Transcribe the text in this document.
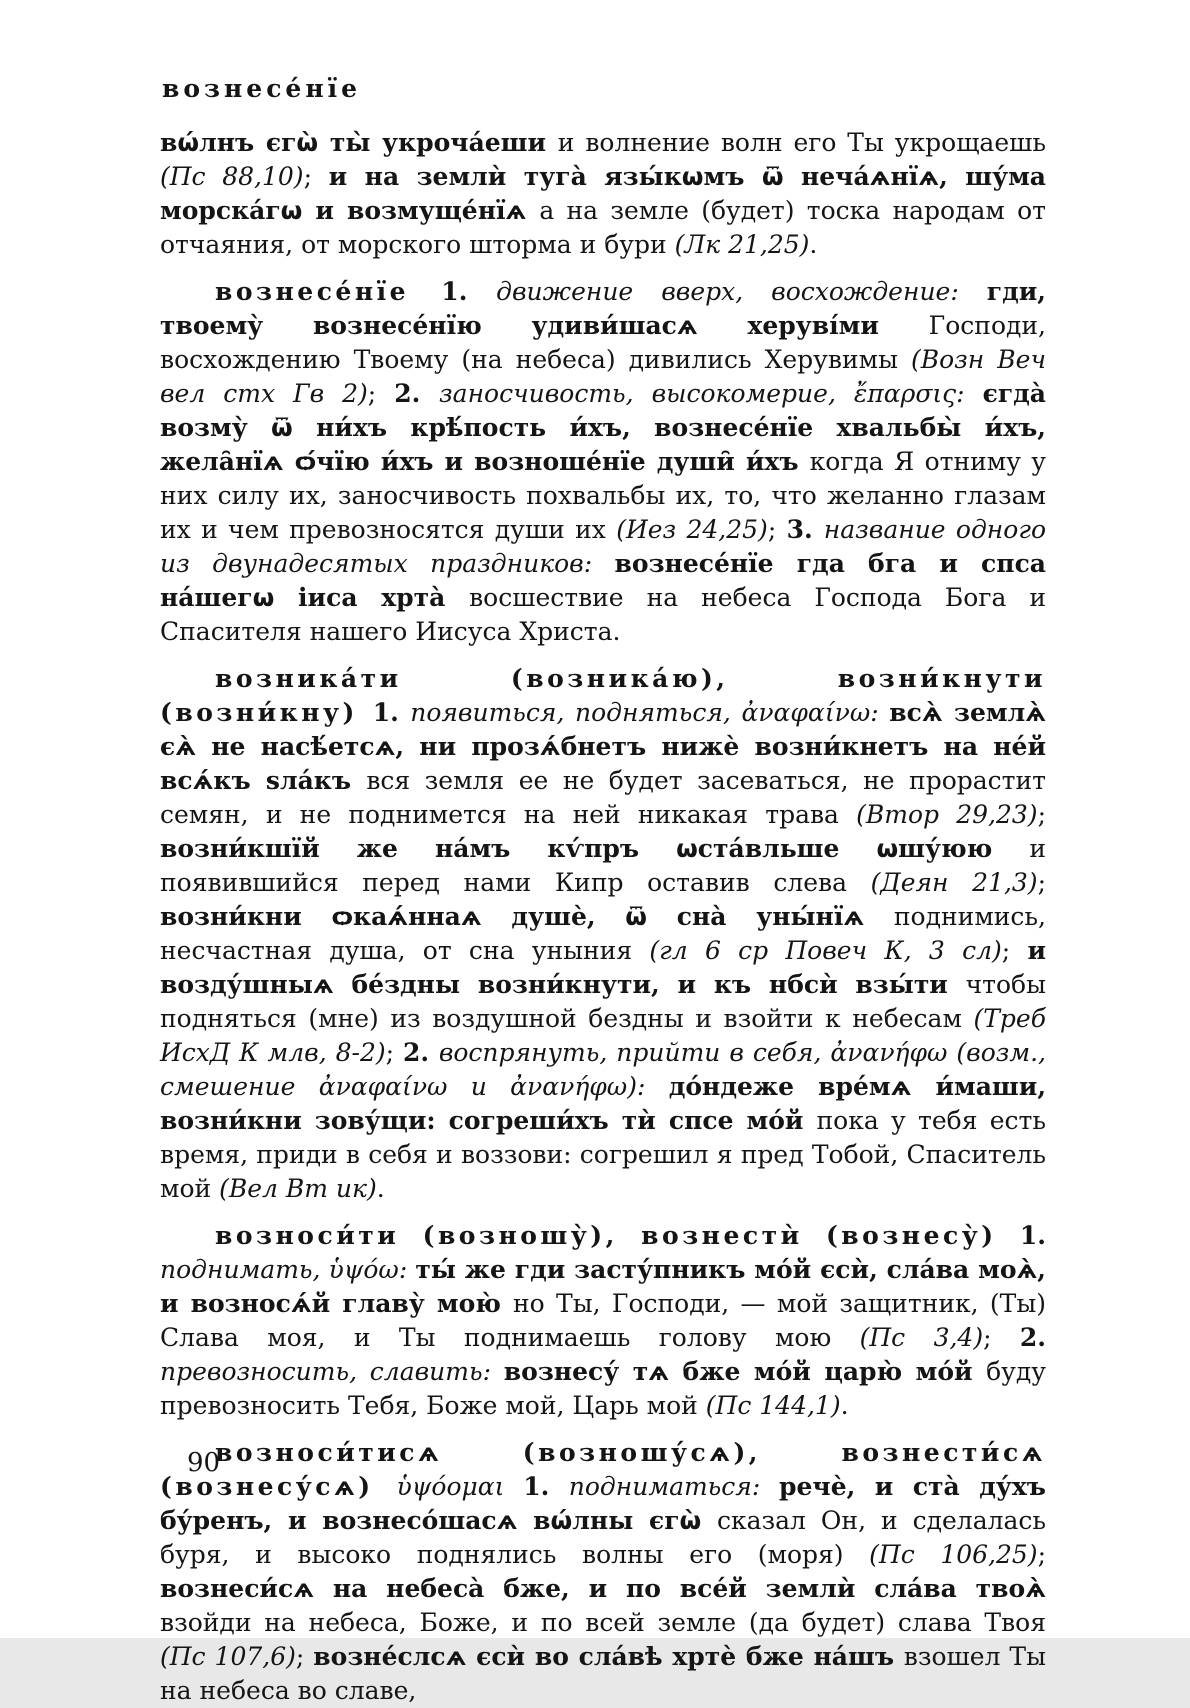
вознесе́нїе

вѡ́лнъ єгѡ̀ ты̀ укроча́еши и волнение волн его Ты укрощаешь (Пс 88,10); и на землѝ туга̀ язы́кѡмъ ѿ неча́ѧнїѧ, шу́ма морска́гѡ и возмуще́нїѧ а на земле (будет) тоска народам от отчаяния, от морского шторма и бури (Лк 21,25).

вознесе́нїе 1. движение вверх, восхождение: гди, твоему̀ вознесе́нїю удиви́шасѧ херуві́ми Господи, восхождению Твоему (на небеса) дивились Херувимы (Возн Веч вел стх Гв 2); 2. заносчивость, высокомерие, ἔπαρσις: єгда̀ возму̀ ѿ ни́хъ крѣ́пость и́хъ, вознесе́нїе хвальбы̀ и́хъ, жела̑нїѧ ѻ́чїю и́хъ и возноше́нїе души̑ и́хъ когда Я отниму у них силу их, заносчивость похвальбы их, то, что желанно глазам их и чем превозносятся души их (Иез 24,25); 3. название одного из двунадесятых праздников: вознесе́нїе гда бга и спса на́шегѡ іиса хрта̀ восшествие на небеса Господа Бога и Спасителя нашего Иисуса Христа.

возника́ти (возника́ю), возни́кнути (возни́кну) 1. появиться, подняться, ἀναφαίνω: всѧ̀ землѧ̀ єѧ̀ не насѣ́етсѧ, ни прозѧ́бнетъ нижѐ возни́кнетъ на не́й всѧ́къ ѕла́къ вся земля ее не будет засеваться, не прорастит семян, и не поднимется на ней никакая трава (Втор 29,23); возни́кшїй же на́мъ кѵ́пръ ѡста́вльше ѡшу́юю и появившийся перед нами Кипр оставив слева (Деян 21,3); возни́кни ѻкаѧ́ннаѧ душѐ, ѿ сна̀ уны́нїѧ поднимись, несчастная душа, от сна уныния (гл 6 ср Повеч К, 3 сл); и возду́шныѧ бе́здны возни́кнути, и къ нбсѝ взы́ти чтобы подняться (мне) из воздушной бездны и взойти к небесам (Треб ИсхД К млв, 8-2); 2. воспрянуть, прийти в себя, ἀνανήφω (возм., смешение ἀναφαίνω и ἀνανήφω): до́ндеже вре́мѧ и́маши, возни́кни зову́щи: согреши́хъ тѝ спсе мо́й пока у тебя есть время, приди в себя и воззови: согрешил я пред Тобой, Спаситель мой (Вел Вт ик).

возноси́ти (возношу̀), вознестѝ (вознесу̀) 1. поднимать, ὑψόω: ты́ же гди засту́пникъ мо́й єсѝ, сла́ва моѧ̀, и возносѧ́й главу̀ мою̀ но Ты, Господи, — мой защитник, (Ты) Слава моя, и Ты поднимаешь голову мою (Пс 3,4); 2. превозносить, славить: вознесу́ тѧ бже мо́й царю̀ мо́й буду превозносить Тебя, Боже мой, Царь мой (Пс 144,1).

возноси́тисѧ (возношу́сѧ), вознести́сѧ (вознесу́сѧ) ὑψόομαι 1. подниматься: речѐ, и ста̀ ду́хъ бу́ренъ, и вознесо́шасѧ вѡ́лны єгѡ̀ сказал Он, и сделалась буря, и высоко поднялись волны его (моря) (Пс 106,25); вознеси́сѧ на небеса̀ бже, и по все́й землѝ сла́ва твоѧ̀ взойди на небеса, Боже, и по всей земле (да будет) слава Твоя (Пс 107,6); возне́слсѧ єсѝ во сла́вѣ хртѐ бже на́шъ взошел Ты на небеса во славе,

90
